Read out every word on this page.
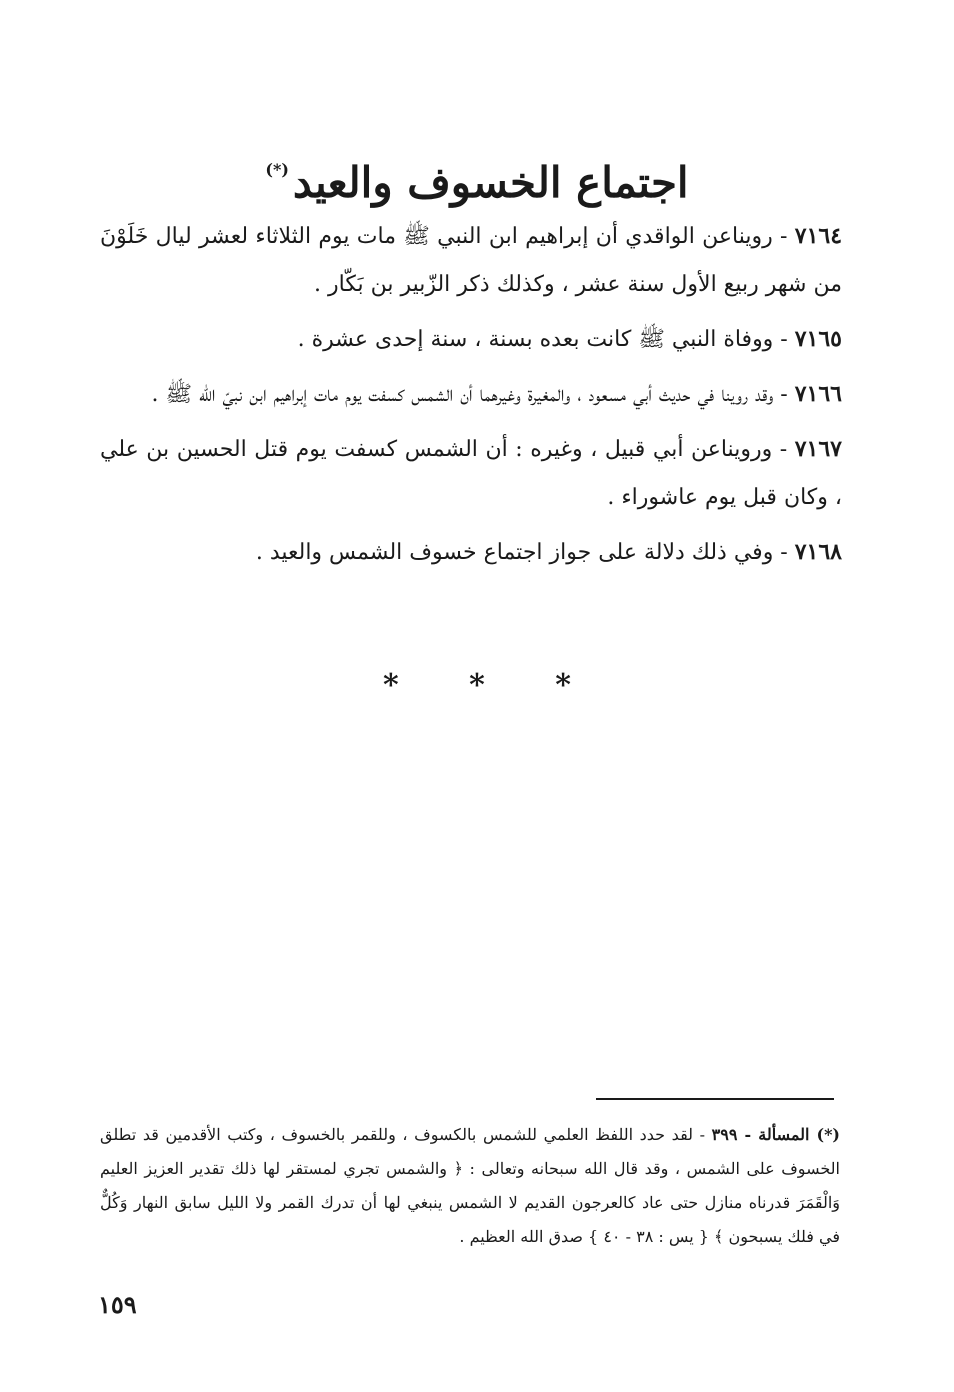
اجتماع الخسوف والعيد(*)

٧١٦٤ - رويناعن الواقدي أن إبراهيم ابن النبي ﷺ مات يوم الثلاثاء لعشر ليال خَلَوْنَ من شهر ربيع الأول سنة عشر ، وكذلك ذكر الزّبير بن بَكّار .

٧١٦٥ - ووفاة النبي ﷺ كانت بعده بسنة ، سنة إحدى عشرة .

٧١٦٦ - وقد روينا في حديث أبي مسعود ، والمغيرة وغيرهما أن الشمس كسفت يوم مات إبراهيم ابن نبيّ الله ﷺ .

٧١٦٧ - ورويناعن أبي قبيل ، وغيره : أن الشمس كسفت يوم قتل الحسين بن علي ، وكان قبل يوم عاشوراء .

٧١٦٨ - وفي ذلك دلالة على جواز اجتماع خسوف الشمس والعيد .

* * *
(*) المسألة - ٣٩٩ - لقد حدد اللفظ العلمي للشمس بالكسوف ، وللقمر بالخسوف ، وكتب الأقدمين قد تطلق الخسوف على الشمس ، وقد قال الله سبحانه وتعالى : ﴿ والشمس تجري لمستقر لها ذلك تقدير العزيز العليم وَالْقَمَرَ قدرناه منازل حتى عاد كالعرجون القديم لا الشمس ينبغي لها أن تدرك القمر ولا الليل سابق النهار وَكُلٌّ في فلك يسبحون ﴾ { يس : ٣٨ - ٤٠ } صدق الله العظيم .
١٥٩
